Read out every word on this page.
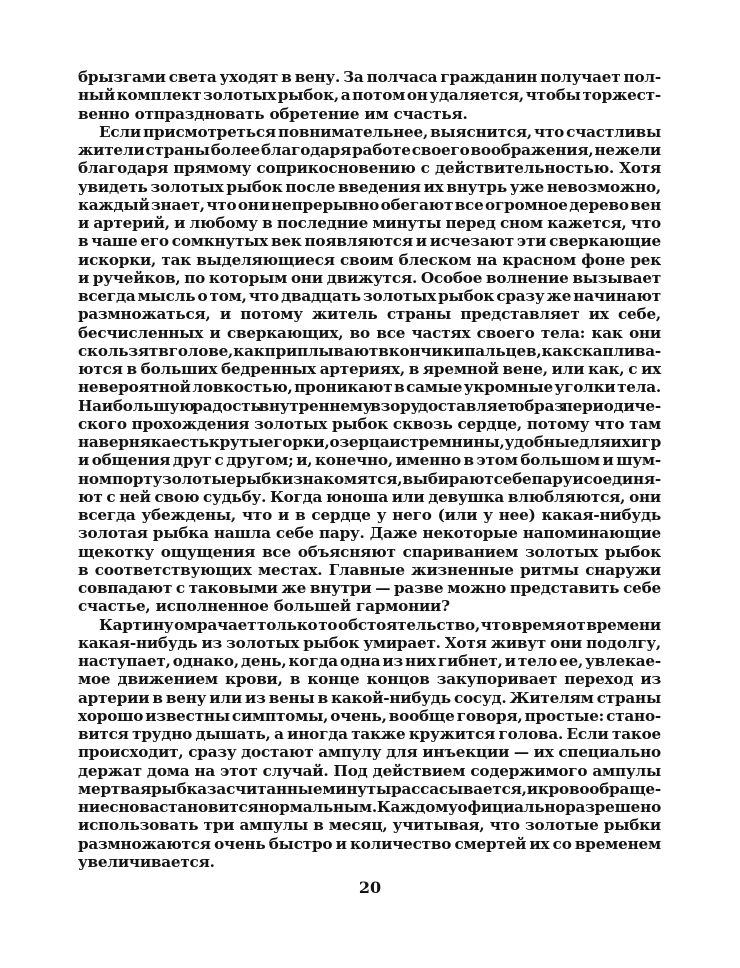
брызгами света уходят в вену. За полчаса гражданин получает пол-
ный комплект золотых рыбок, а потом он удаляется, чтобы торжест-
венно отпраздновать обретение им счастья.

Если присмотреться повнимательнее, выяснится, что счастливы
жители страны более благодаря работе своего воображения, нежели
благодаря прямому соприкосновению с действительностью. Хотя
увидеть золотых рыбок после введения их внутрь уже невозможно,
каждый знает, что они непрерывно обегают все огромное дерево вен
и артерий, и любому в последние минуты перед сном кажется, что
в чаше его сомкнутых век появляются и исчезают эти сверкающие
искорки, так выделяющиеся своим блеском на красном фоне рек
и ручейков, по которым они движутся. Особое волнение вызывает
всегда мысль о том, что двадцать золотых рыбок сразу же начинают
размножаться, и потому житель страны представляет их себе,
бесчисленных и сверкающих, во все частях своего тела: как они
скользят в голове, как приплывают в кончики пальцев, как скаплива-
ются в больших бедренных артериях, в яремной вене, или как, с их
невероятной ловкостью, проникают в самые укромные уголки тела.
Наибольшую радость внутреннему взору доставляет образ периодиче-
ского прохождения золотых рыбок сквозь сердце, потому что там
наверняка есть крутые горки, озерца и стремнины, удобные для их игр
и общения друг с другом; и, конечно, именно в этом большом и шум-
ном порту золотые рыбки знакомятся, выбирают себе пару и соединя-
ют с ней свою судьбу. Когда юноша или девушка влюбляются, они
всегда убеждены, что и в сердце у него (или у нее) какая-нибудь
золотая рыбка нашла себе пару. Даже некоторые напоминающие
щекотку ощущения все объясняют спариванием золотых рыбок
в соответствующих местах. Главные жизненные ритмы снаружи
совпадают с таковыми же внутри — разве можно представить себе
счастье, исполненное большей гармонии?

Картину омрачает только то обстоятельство, что время от времени
какая-нибудь из золотых рыбок умирает. Хотя живут они подолгу,
наступает, однако, день, когда одна из них гибнет, и тело ее, увлекае-
мое движением крови, в конце концов закупоривает переход из
артерии в вену или из вены в какой-нибудь сосуд. Жителям страны
хорошо известны симптомы, очень, вообще говоря, простые: стано-
вится трудно дышать, а иногда также кружится голова. Если такое
происходит, сразу достают ампулу для инъекции — их специально
держат дома на этот случай. Под действием содержимого ампулы
мертвая рыбка за считанные минуты рассасывается, и кровообраще-
ние снова становится нормальным. Каждому официально разрешено
использовать три ампулы в месяц, учитывая, что золотые рыбки
размножаются очень быстро и количество смертей их со временем
увеличивается.

20
